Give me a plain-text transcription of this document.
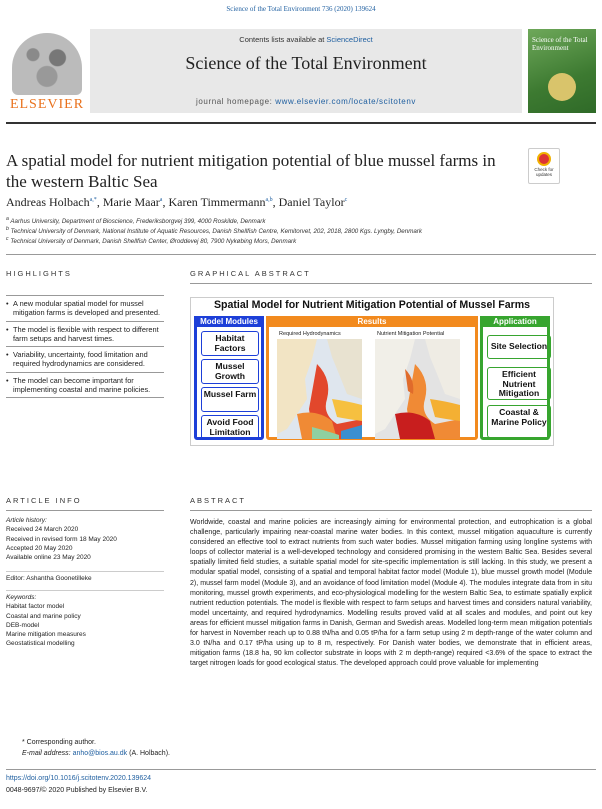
Science of the Total Environment 736 (2020) 139624
ELSEVIER
Contents lists available at ScienceDirect
Science of the Total Environment
journal homepage: www.elsevier.com/locate/scitotenv
Science of the Total Environment
A spatial model for nutrient mitigation potential of blue mussel farms in
the western Baltic Sea
Check for updates
Andreas Holbach$^{a,*}$, Marie Maar$^a$, Karen Timmermann$^{a,b}$, Daniel Taylor$^c$
$^a$ Aarhus University, Department of Bioscience, Frederiksborgvej 399, 4000 Roskilde, Denmark
$^b$ Technical University of Denmark, National Institute of Aquatic Resources, Danish Shellfish Centre, Kemitorvet, 202, 2018, 2800 Kgs. Lyngby, Denmark
$^c$ Technical University of Denmark, Danish Shellfish Center, Øroddevej 80, 7900 Nykøbing Mors, Denmark
HIGHLIGHTS
• A new modular spatial model for mussel mitigation farms is developed and presented.
• The model is flexible with respect to different farm setups and harvest times.
• Variability, uncertainty, food limitation and required hydrodynamics are considered.
• The model can become important for implementing coastal and marine policies.
GRAPHICAL ABSTRACT
Spatial Model for Nutrient Mitigation Potential of Mussel Farms
Model Modules
Habitat Factors
Mussel Growth
Mussel Farm
Avoid Food Limitation
Results
Required Hydrodynamics	Nutrient Mitigation Potential
Application
Site Selection
Efficient Nutrient Mitigation
Coastal & Marine Policy
ARTICLE INFO
Article history:
Received 24 March 2020
Received in revised form 18 May 2020
Accepted 20 May 2020
Available online 23 May 2020
Editor: Ashantha Goonetilleke
Keywords:
Habitat factor model
Coastal and marine policy
DEB-model
Marine mitigation measures
Geostatistical modelling
ABSTRACT
Worldwide, coastal and marine policies are increasingly aiming for environmental protection, and eutrophication is a global challenge, particularly impairing near-coastal marine water bodies. In this context, mussel mitigation aquaculture is currently considered an effective tool to extract nutrients from such water bodies. Mussel mitigation farming using longline systems with loops of collector material is a well-developed technology and considered promising in the western Baltic Sea. Besides several spatially limited field studies, a suitable spatial model for site-specific implementation is still lacking. In this study, we present a modular spatial model, consisting of a spatial and temporal habitat factor model (Module 1), blue mussel growth model (Module 2), mussel farm model (Module 3), and an avoidance of food limitation model (Module 4). The modules integrate data from in situ monitoring, mussel growth experiments, and eco-physiological modelling for the western Baltic Sea, to estimate spatially explicit nutrient reduction potentials. The model is flexible with respect to farm setups and harvest times and considers natural variability, model uncertainty, and required hydrodynamics. Modelling results proved valid at all scales and modules, and point out key areas for efficient mussel mitigation farms in Danish, German and Swedish areas. Modelled long-term mean mitigation potentials for harvest in November reach up to 0.88 tN/ha and 0.05 tP/ha for a farm setup using 2 m depth-range of the water column and 3.0 tN/ha and 0.17 tP/ha using up to 8 m, respectively. For Danish water bodies, we demonstrate that in efficient areas, mitigation farms (18.8 ha, 90 km collector substrate in loops with 2 m depth-range) required <3.6% of the space to extract the target nitrogen loads for good ecological status. The developed approach could prove valuable for implementing
* Corresponding author.
E-mail address: anho@bios.au.dk (A. Holbach).
https://doi.org/10.1016/j.scitotenv.2020.139624
0048-9697/© 2020 Published by Elsevier B.V.
